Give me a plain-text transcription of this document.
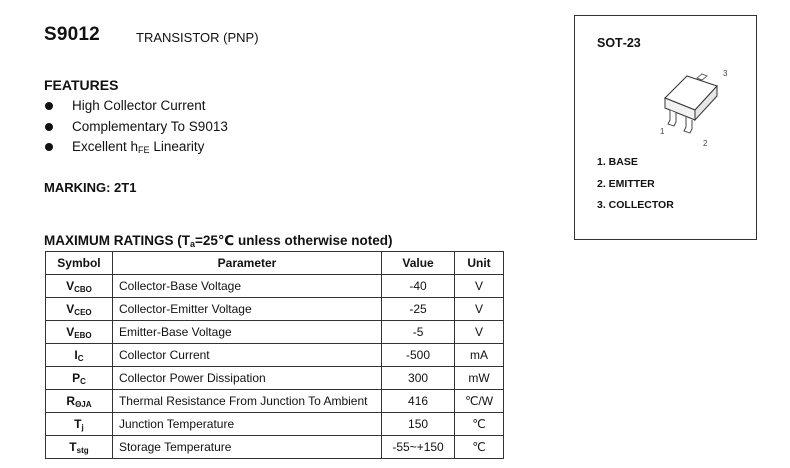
S9012	TRANSISTOR (PNP)
FEATURES
High Collector Current
Complementary To S9013
Excellent $h_{FE}$ Linearity
MARKING: 2T1
MAXIMUM RATINGS ($T_a=25℃$ unless otherwise noted)
Symbol	Parameter	Value	Unit
$V_{CBO}$	Collector-Base Voltage	-40	V
$V_{CEO}$	Collector-Emitter Voltage	-25	V
$V_{EBO}$	Emitter-Base Voltage	-5	V
$I_C$	Collector Current	-500	mA
$P_C$	Collector Power Dissipation	300	mW
$R_{\Theta JA}$	Thermal Resistance From Junction To Ambient	416	℃/W
$T_j$	Junction Temperature	150	℃
$T_{stg}$	Storage Temperature	-55~+150	℃
SOT‐23
1
2
3
1. BASE
2. EMITTER
3. COLLECTOR
